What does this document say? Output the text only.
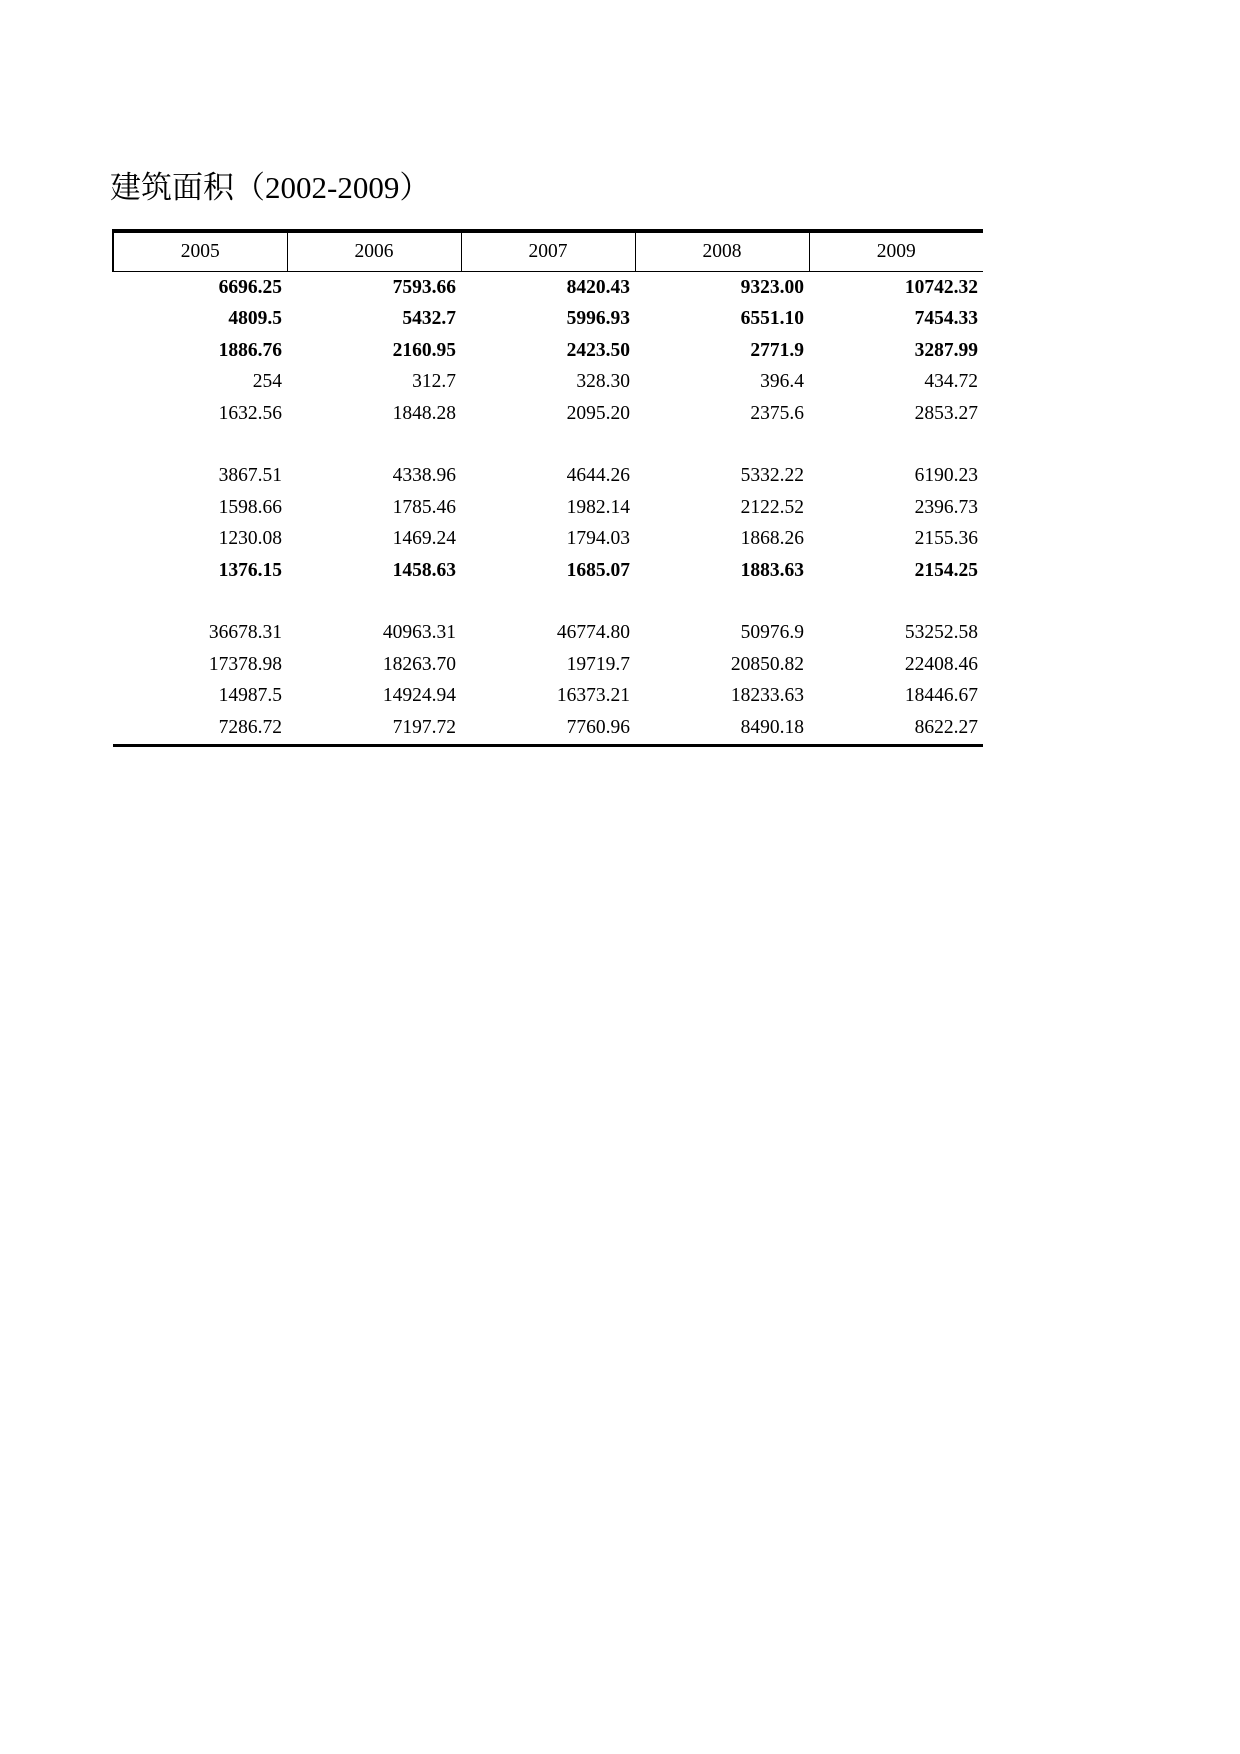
建筑面积（2002-2009）
2005	2006	2007	2008	2009
6696.25	7593.66	8420.43	9323.00	10742.32
4809.5	5432.7	5996.93	6551.10	7454.33
1886.76	2160.95	2423.50	2771.9	3287.99
254	312.7	328.30	396.4	434.72
1632.56	1848.28	2095.20	2375.6	2853.27

3867.51	4338.96	4644.26	5332.22	6190.23
1598.66	1785.46	1982.14	2122.52	2396.73
1230.08	1469.24	1794.03	1868.26	2155.36
1376.15	1458.63	1685.07	1883.63	2154.25

36678.31	40963.31	46774.80	50976.9	53252.58
17378.98	18263.70	19719.7	20850.82	22408.46
14987.5	14924.94	16373.21	18233.63	18446.67
7286.72	7197.72	7760.96	8490.18	8622.27
